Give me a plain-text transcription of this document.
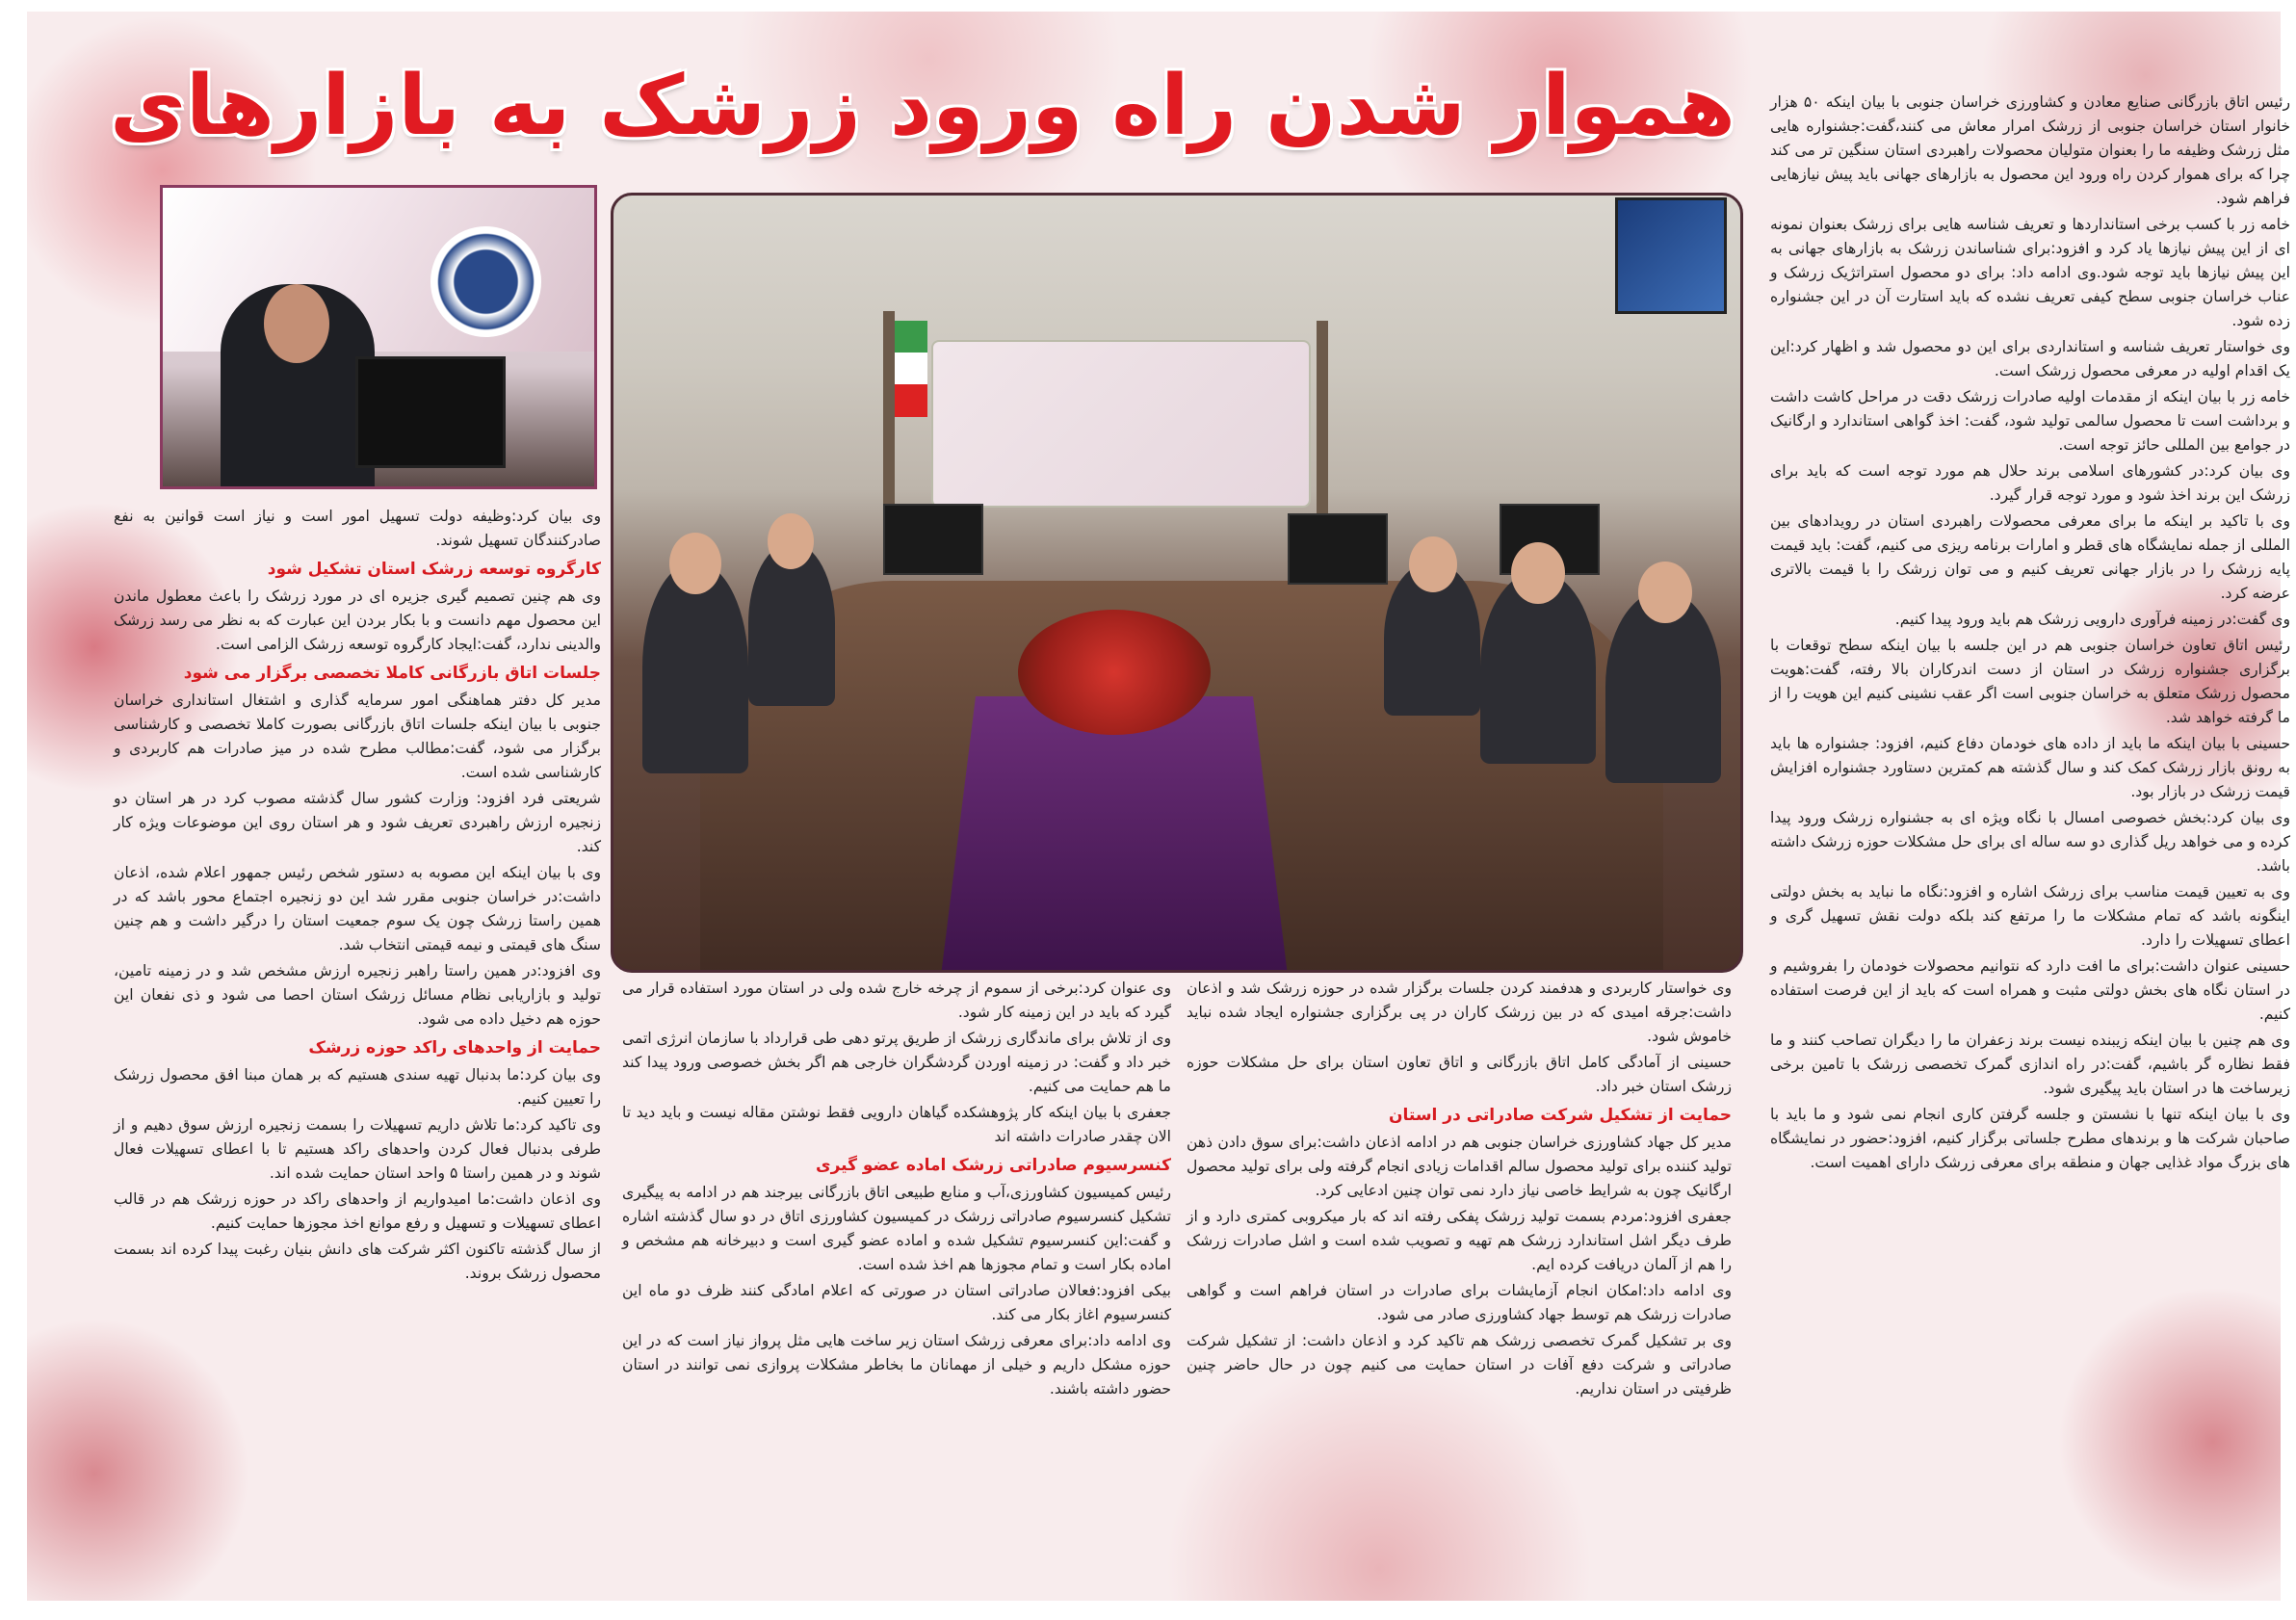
هموار شدن راه ورود زرشک به بازارهای	رئیس اتاق بازرگانی صنایع معادن و کشاورزی خراسان جنوبی با بیان اینکه ۵۰ هزار خانوار استان خراسان جنوبی از زرشک امرار معاش می کنند،گفت:جشنواره هایی مثل زرشک وظیفه ما را بعنوان متولیان محصولات راهبردی استان سنگین تر می کند چرا که برای هموار کردن راه ورود این محصول به بازارهای جهانی باید پیش نیازهایی فراهم شود.

خامه زر با کسب برخی استانداردها و تعریف شناسه هایی برای زرشک بعنوان نمونه ای از این پیش نیازها یاد کرد و افزود:برای شناساندن زرشک به بازارهای جهانی به این پیش نیازها باید توجه شود.وی ادامه داد: برای دو محصول استراتژیک زرشک و عناب خراسان جنوبی سطح کیفی تعریف نشده که باید استارت آن در این جشنواره زده شود.

وی خواستار تعریف شناسه و استانداردی برای این دو محصول شد و اظهار کرد:این یک اقدام اولیه در معرفی محصول زرشک است.

خامه زر با بیان اینکه از مقدمات اولیه صادرات زرشک دقت در مراحل کاشت داشت و برداشت است تا محصول سالمی تولید شود، گفت: اخذ گواهی استاندارد و ارگانیک در جوامع بین المللی حائز توجه است.

وی بیان کرد:در کشورهای اسلامی برند حلال هم مورد توجه است که باید برای زرشک این برند اخذ شود و مورد توجه قرار گیرد.

وی با تاکید بر اینکه ما برای معرفی محصولات راهبردی استان در رویدادهای بین المللی از جمله نمایشگاه های قطر و امارات برنامه ریزی می کنیم، گفت: باید قیمت پایه زرشک را در بازار جهانی تعریف کنیم و می توان زرشک را با قیمت بالاتری عرضه کرد.

وی گفت:در زمینه فرآوری دارویی زرشک هم باید ورود پیدا کنیم.

رئیس اتاق تعاون خراسان جنوبی هم در این جلسه با بیان اینکه سطح توقعات با برگزاری جشنواره زرشک در استان از دست اندرکاران بالا رفته، گفت:هویت محصول زرشک متعلق به خراسان جنوبی است اگر عقب نشینی کنیم این هویت را از ما گرفته خواهد شد.

حسینی با بیان اینکه ما باید از داده های خودمان دفاع کنیم، افزود: جشنواره ها باید به رونق بازار زرشک کمک کند و سال گذشته هم کمترین دستاورد جشنواره افزایش قیمت زرشک در بازار بود.

وی بیان کرد:بخش خصوصی امسال با نگاه ویژه ای به جشنواره زرشک ورود پیدا کرده و می خواهد ریل گذاری دو سه ساله ای برای حل مشکلات حوزه زرشک داشته باشد.

وی به تعیین قیمت مناسب برای زرشک اشاره و افزود:نگاه ما نباید به بخش دولتی اینگونه باشد که تمام مشکلات ما را مرتفع کند بلکه دولت نقش تسهیل گری و اعطای تسهیلات را دارد.

حسینی عنوان داشت:برای ما افت دارد که نتوانیم محصولات خودمان را بفروشیم و در استان نگاه های بخش دولتی مثبت و همراه است که باید از این فرصت استفاده کنیم.

وی هم چنین با بیان اینکه زیبنده نیست برند زعفران ما را دیگران تصاحب کنند و ما فقط نظاره گر باشیم، گفت:در راه اندازی گمرک تخصصی زرشک با تامین برخی زیرساخت ها در استان باید پیگیری شود.

وی با بیان اینکه تنها با نشستن و جلسه گرفتن کاری انجام نمی شود و ما باید با صاحبان شرکت ها و برندهای مطرح جلساتی برگزار کنیم، افزود:حضور در نمایشگاه های بزرگ مواد غذایی جهان و منطقه برای معرفی زرشک دارای اهمیت است.

وی بیان کرد:وظیفه دولت تسهیل امور است و نیاز است قوانین به نفع صادرکنندگان تسهیل شوند.

کارگروه توسعه زرشک استان تشکیل شود

وی هم چنین تصمیم گیری جزیره ای در مورد زرشک را باعث معطول ماندن این محصول مهم دانست و با بکار بردن این عبارت که به نظر می رسد زرشک والدینی ندارد، گفت:ایجاد کارگروه توسعه زرشک الزامی است.

جلسات اتاق بازرگانی کاملا تخصصی برگزار می شود

مدیر کل دفتر هماهنگی امور سرمایه گذاری و اشتغال استانداری خراسان جنوبی با بیان اینکه جلسات اتاق بازرگانی بصورت کاملا تخصصی و کارشناسی برگزار می شود، گفت:مطالب مطرح شده در میز صادرات هم کاربردی و کارشناسی شده است.

شریعتی فرد افزود: وزارت کشور سال گذشته مصوب کرد در هر استان دو زنجیره ارزش راهبردی تعریف شود و هر استان روی این موضوعات ویژه کار کند.

وی با بیان اینکه این مصوبه به دستور شخص رئیس جمهور اعلام شده، اذعان داشت:در خراسان جنوبی مقرر شد این دو زنجیره اجتماع محور باشد که در همین راستا زرشک چون یک سوم جمعیت استان را درگیر داشت و هم چنین سنگ های قیمتی و نیمه قیمتی انتخاب شد.

وی افزود:در همین راستا راهبر زنجیره ارزش مشخص شد و در زمینه تامین، تولید و بازاریابی نظام مسائل زرشک استان احصا می شود و ذی نفعان این حوزه هم دخیل داده می شود.

حمایت از واحدهای راکد حوزه زرشک

وی بیان کرد:ما بدنبال تهیه سندی هستیم که بر همان مبنا افق محصول زرشک را تعیین کنیم.

وی تاکید کرد:ما تلاش داریم تسهیلات را بسمت زنجیره ارزش سوق دهیم و از طرفی بدنبال فعال کردن واحدهای راکد هستیم تا با اعطای تسهیلات فعال شوند و در همین راستا ۵ واحد استان حمایت شده اند.

وی اذعان داشت:ما امیدواریم از واحدهای راکد در حوزه زرشک هم در قالب اعطای تسهیلات و تسهیل و رفع موانع اخذ مجوزها حمایت کنیم.

از سال گذشته تاکنون اکثر شرکت های دانش بنیان رغبت پیدا کرده اند بسمت محصول زرشک بروند.

وی خواستار کاربردی و هدفمند کردن جلسات برگزار شده در حوزه زرشک شد و اذعان داشت:جرقه امیدی که در بین زرشک کاران در پی برگزاری جشنواره ایجاد شده نباید خاموش شود.

حسینی از آمادگی کامل اتاق بازرگانی و اتاق تعاون استان برای حل مشکلات حوزه زرشک استان خبر داد.

حمایت از تشکیل شرکت صادراتی در استان

مدیر کل جهاد کشاورزی خراسان جنوبی هم در ادامه اذعان داشت:برای سوق دادن ذهن تولید کننده برای تولید محصول سالم اقدامات زیادی انجام گرفته ولی برای تولید محصول ارگانیک چون به شرایط خاصی نیاز دارد نمی توان چنین ادعایی کرد.

جعفری افزود:مردم بسمت تولید زرشک پفکی رفته اند که بار میکروبی کمتری دارد و از طرف دیگر اشل استاندارد زرشک هم تهیه و تصویب شده است و اشل صادرات زرشک را هم از آلمان دریافت کرده ایم.

وی ادامه داد:امکان انجام آزمایشات برای صادرات در استان فراهم است و گواهی صادرات زرشک هم توسط جهاد کشاورزی صادر می شود.

وی بر تشکیل گمرک تخصصی زرشک هم تاکید کرد و اذعان داشت: از تشکیل شرکت صادراتی و شرکت دفع آفات در استان حمایت می کنیم چون در حال حاضر چنین ظرفیتی در استان نداریم.

وی عنوان کرد:برخی از سموم از چرخه خارج شده ولی در استان مورد استفاده قرار می گیرد که باید در این زمینه کار شود.

وی از تلاش برای ماندگاری زرشک از طریق پرتو دهی طی قرارداد با سازمان انرژی اتمی خبر داد و گفت: در زمینه اوردن گردشگران خارجی هم اگر بخش خصوصی ورود پیدا کند ما هم حمایت می کنیم.

جعفری با بیان اینکه کار پژوهشکده گیاهان دارویی فقط نوشتن مقاله نیست و باید دید تا الان چقدر صادرات داشته اند

کنسرسیوم صادراتی زرشک اماده عضو گیری

رئیس کمیسیون کشاورزی،آب و منابع طبیعی اتاق بازرگانی بیرجند هم در ادامه به پیگیری تشکیل کنسرسیوم صادراتی زرشک در کمیسیون کشاورزی اتاق در دو سال گذشته اشاره و گفت:این کنسرسیوم تشکیل شده و اماده عضو گیری است و دبیرخانه هم مشخص و اماده بکار است و تمام مجوزها هم اخذ شده است.

بیکی افزود:فعالان صادراتی استان در صورتی که اعلام امادگی کنند ظرف دو ماه این کنسرسیوم اغاز بکار می کند.

وی ادامه داد:برای معرفی زرشک استان زیر ساخت هایی مثل پرواز نیاز است که در این حوزه مشکل داریم و خیلی از مهمانان ما بخاطر مشکلات پروازی نمی توانند در استان حضور داشته باشند.
